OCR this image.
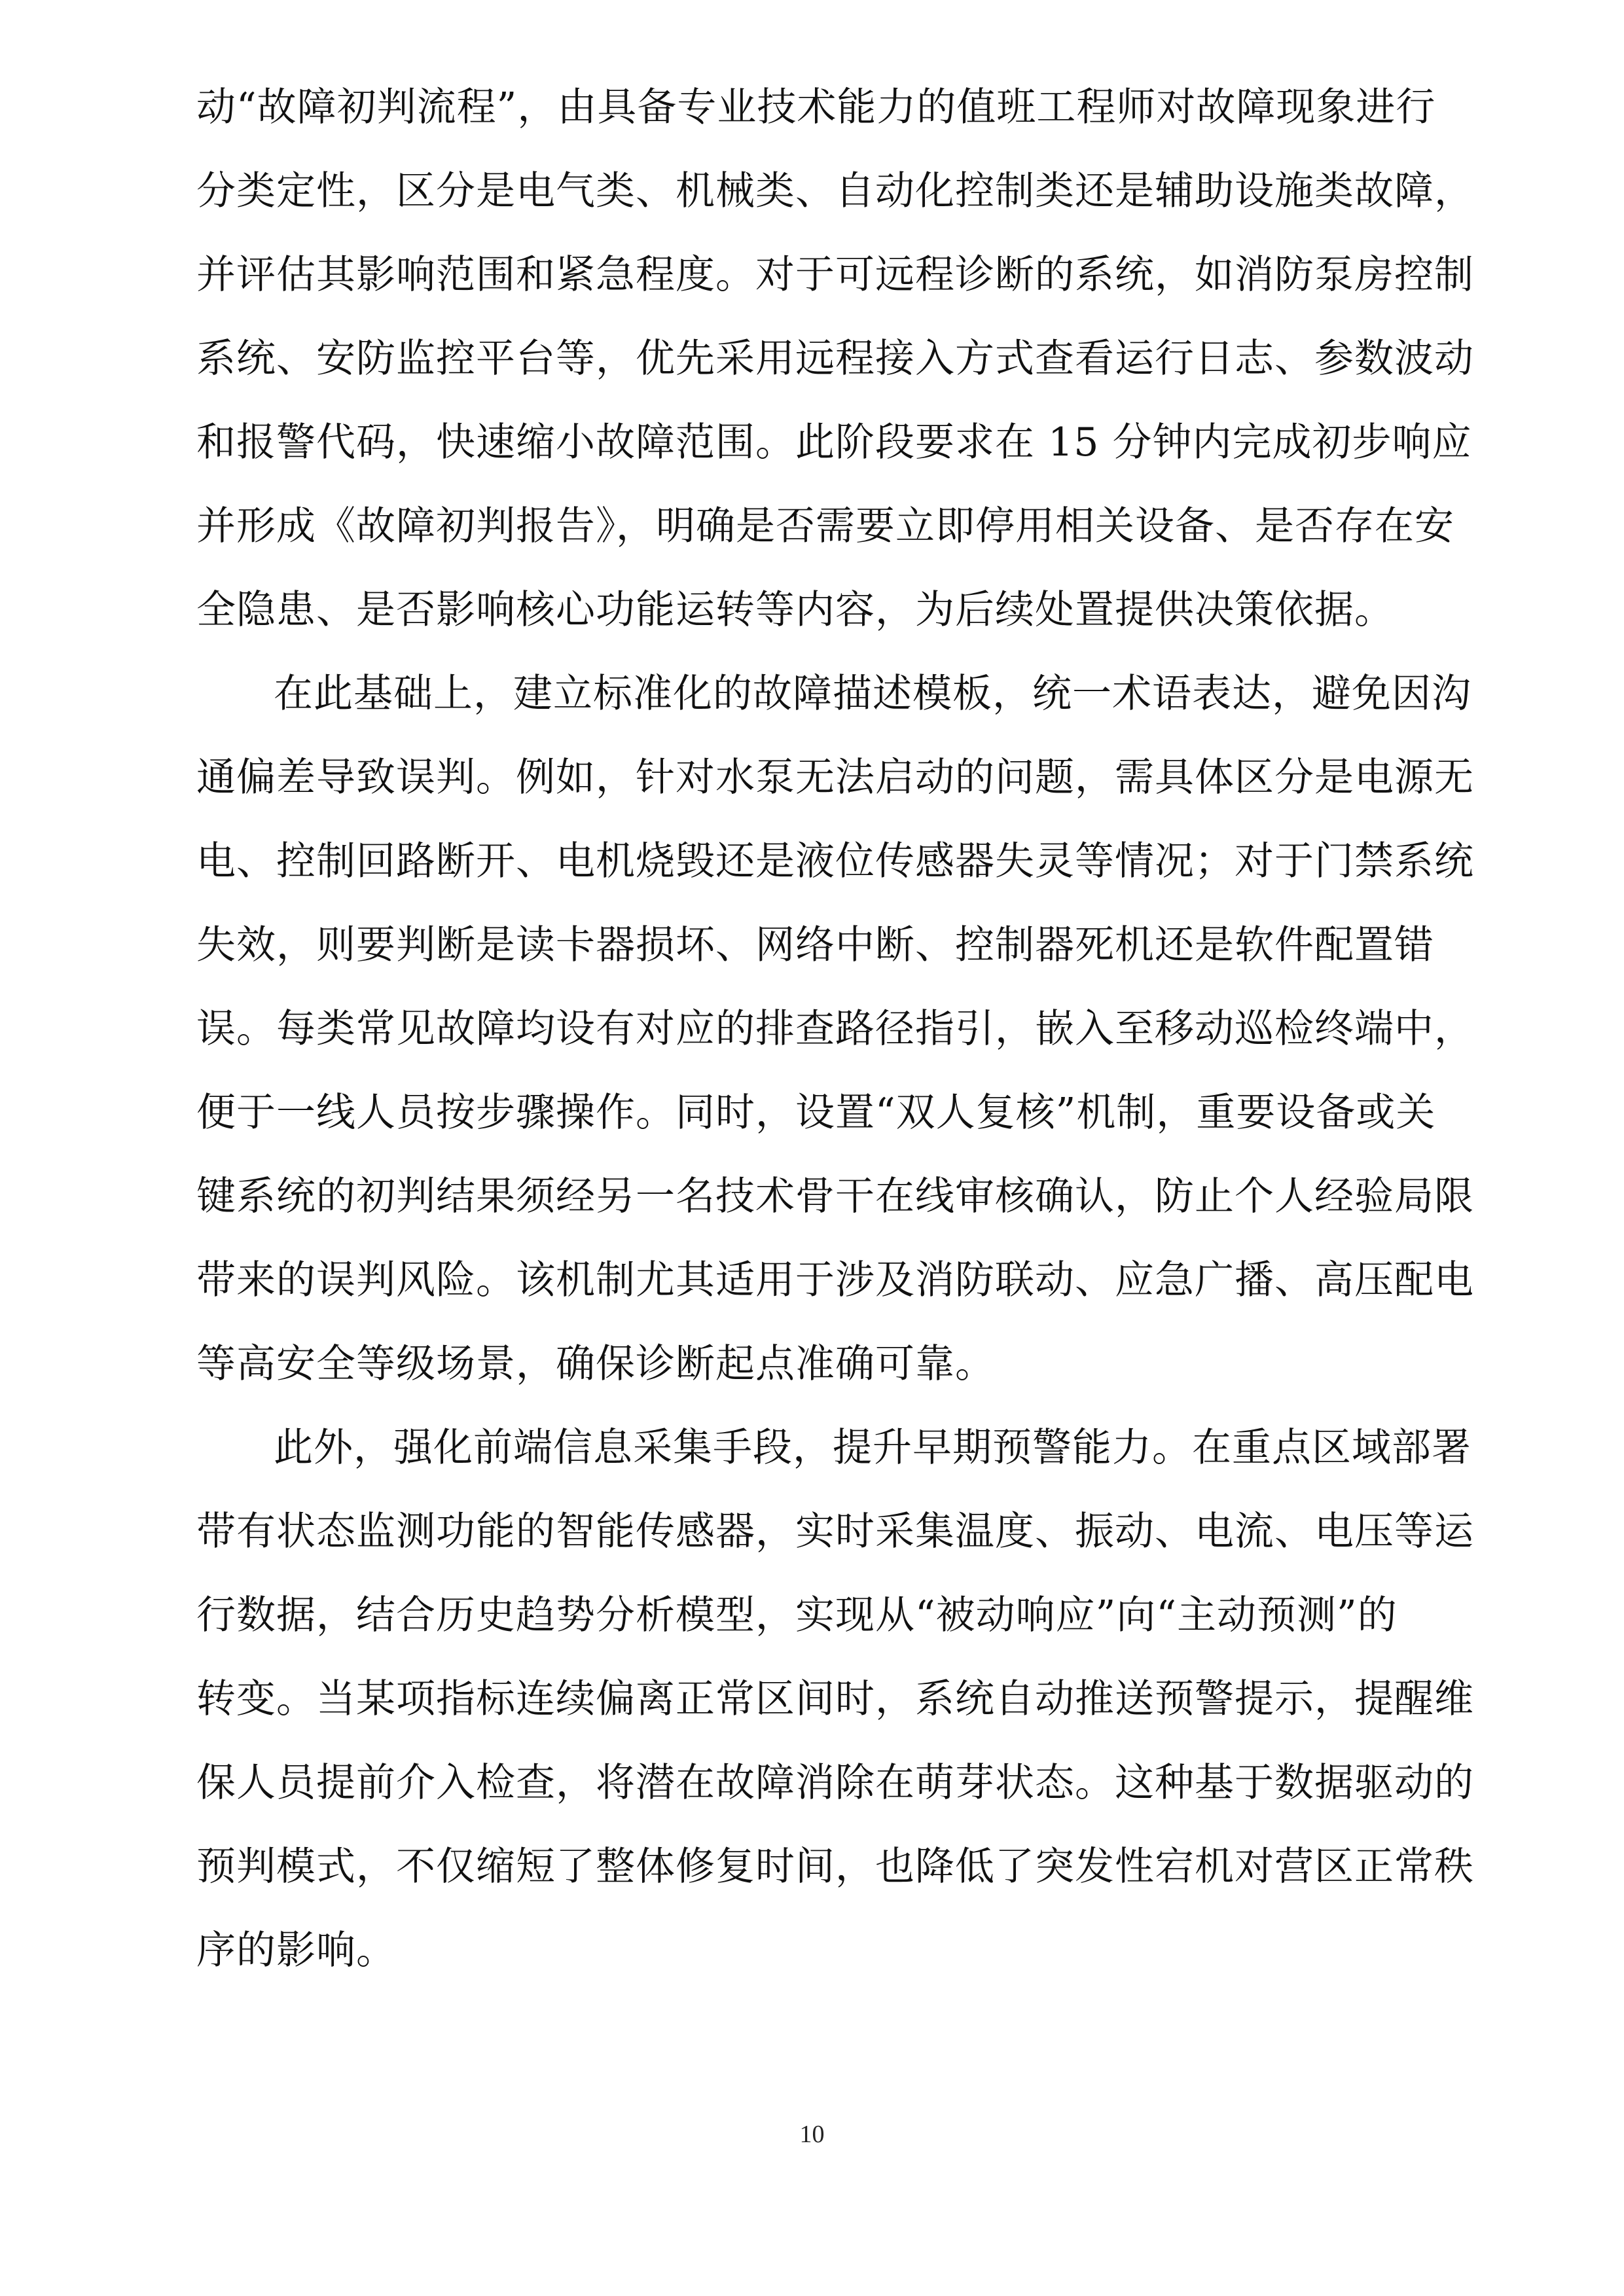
动“故障初判流程”，由具备专业技术能力的值班工程师对故障现象进行
分类定性，区分是电气类、机械类、自动化控制类还是辅助设施类故障，
并评估其影响范围和紧急程度。对于可远程诊断的系统，如消防泵房控制
系统、安防监控平台等，优先采用远程接入方式查看运行日志、参数波动
和报警代码，快速缩小故障范围。此阶段要求在 15 分钟内完成初步响应
并形成《故障初判报告》，明确是否需要立即停用相关设备、是否存在安
全隐患、是否影响核心功能运转等内容，为后续处置提供决策依据。
在此基础上，建立标准化的故障描述模板，统一术语表达，避免因沟
通偏差导致误判。例如，针对水泵无法启动的问题，需具体区分是电源无
电、控制回路断开、电机烧毁还是液位传感器失灵等情况；对于门禁系统
失效，则要判断是读卡器损坏、网络中断、控制器死机还是软件配置错
误。每类常见故障均设有对应的排查路径指引，嵌入至移动巡检终端中，
便于一线人员按步骤操作。同时，设置“双人复核”机制，重要设备或关
键系统的初判结果须经另一名技术骨干在线审核确认，防止个人经验局限
带来的误判风险。该机制尤其适用于涉及消防联动、应急广播、高压配电
等高安全等级场景，确保诊断起点准确可靠。
此外，强化前端信息采集手段，提升早期预警能力。在重点区域部署
带有状态监测功能的智能传感器，实时采集温度、振动、电流、电压等运
行数据，结合历史趋势分析模型，实现从“被动响应”向“主动预测”的
转变。当某项指标连续偏离正常区间时，系统自动推送预警提示，提醒维
保人员提前介入检查，将潜在故障消除在萌芽状态。这种基于数据驱动的
预判模式，不仅缩短了整体修复时间，也降低了突发性宕机对营区正常秩
序的影响。
10
